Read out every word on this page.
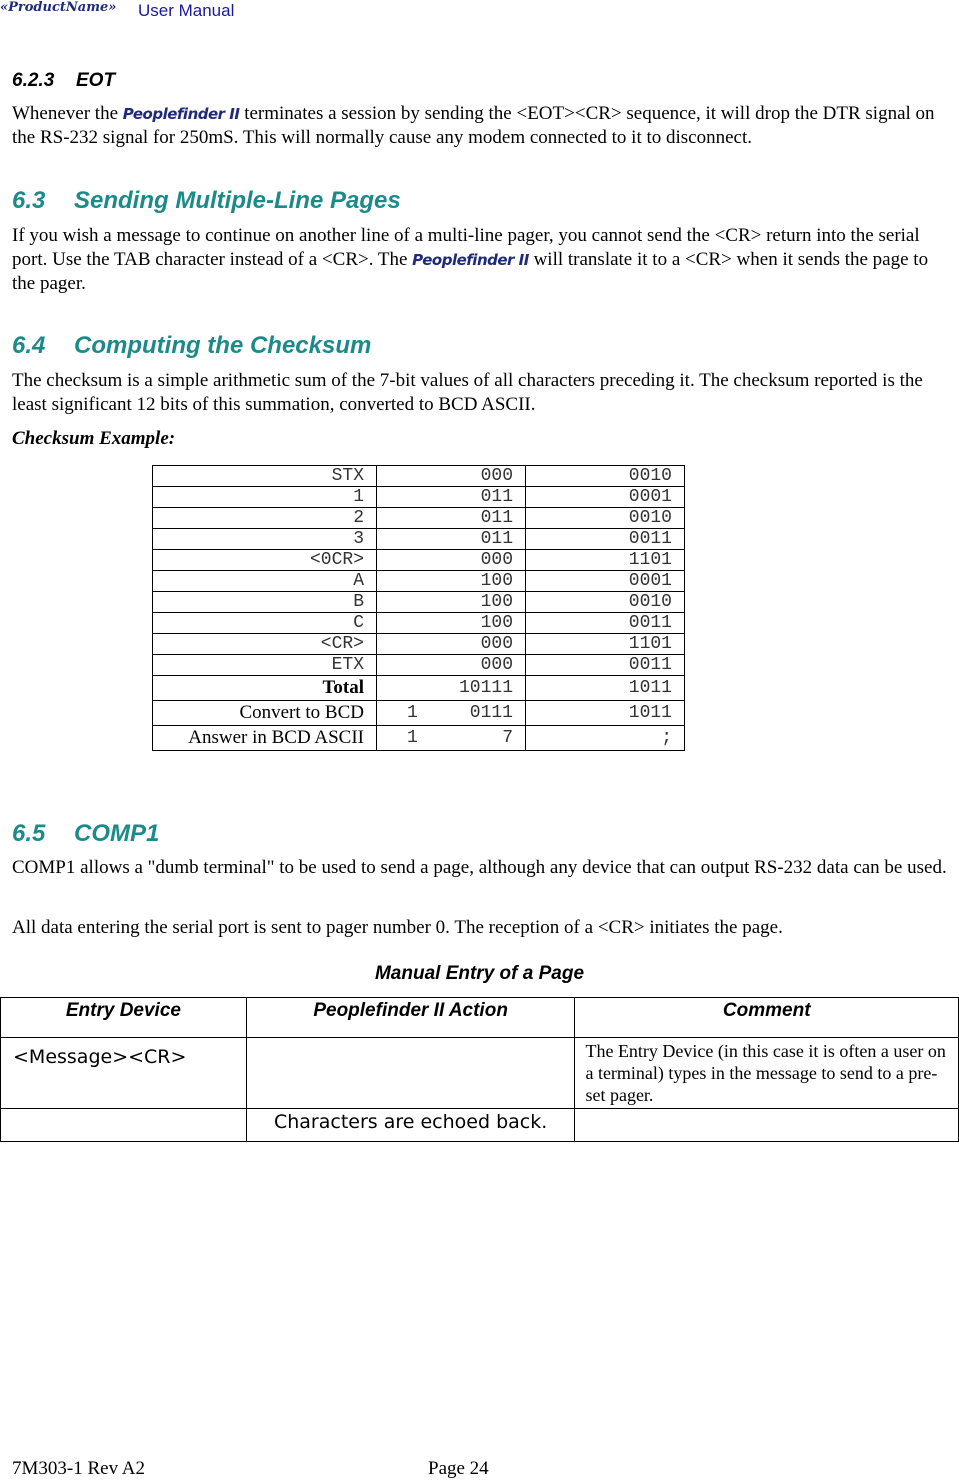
«ProductName» User Manual
6.2.3 EOT
Whenever the Peoplefinder II terminates a session by sending the <EOT><CR> sequence, it will drop the DTR signal on the RS-232 signal for 250mS. This will normally cause any modem connected to it to disconnect.
6.3 Sending Multiple-Line Pages
If you wish a message to continue on another line of a multi-line pager, you cannot send the <CR> return into the serial port. Use the TAB character instead of a <CR>. The Peoplefinder II will translate it to a <CR> when it sends the page to the pager.
6.4 Computing the Checksum
The checksum is a simple arithmetic sum of the 7-bit values of all characters preceding it. The checksum reported is the least significant 12 bits of this summation, converted to BCD ASCII.
Checksum Example:
STX	000	0010
1	011	0001
2	011	0010
3	011	0011
<0CR>	000	1101
A	100	0001
B	100	0010
C	100	0011
<CR>	000	1101
ETX	000	0011
Total	10111	1011
Convert to BCD	1 0111	1011
Answer in BCD ASCII	1 7	;
6.5 COMP1
COMP1 allows a "dumb terminal" to be used to send a page, although any device that can output RS-232 data can be used.
All data entering the serial port is sent to pager number 0. The reception of a <CR> initiates the page.
Manual Entry of a Page
Entry Device	Peoplefinder II Action	Comment
<Message><CR>		The Entry Device (in this case it is often a user on a terminal) types in the message to send to a pre-set pager.
	Characters are echoed back.	
7M303-1 Rev A2	Page 24
